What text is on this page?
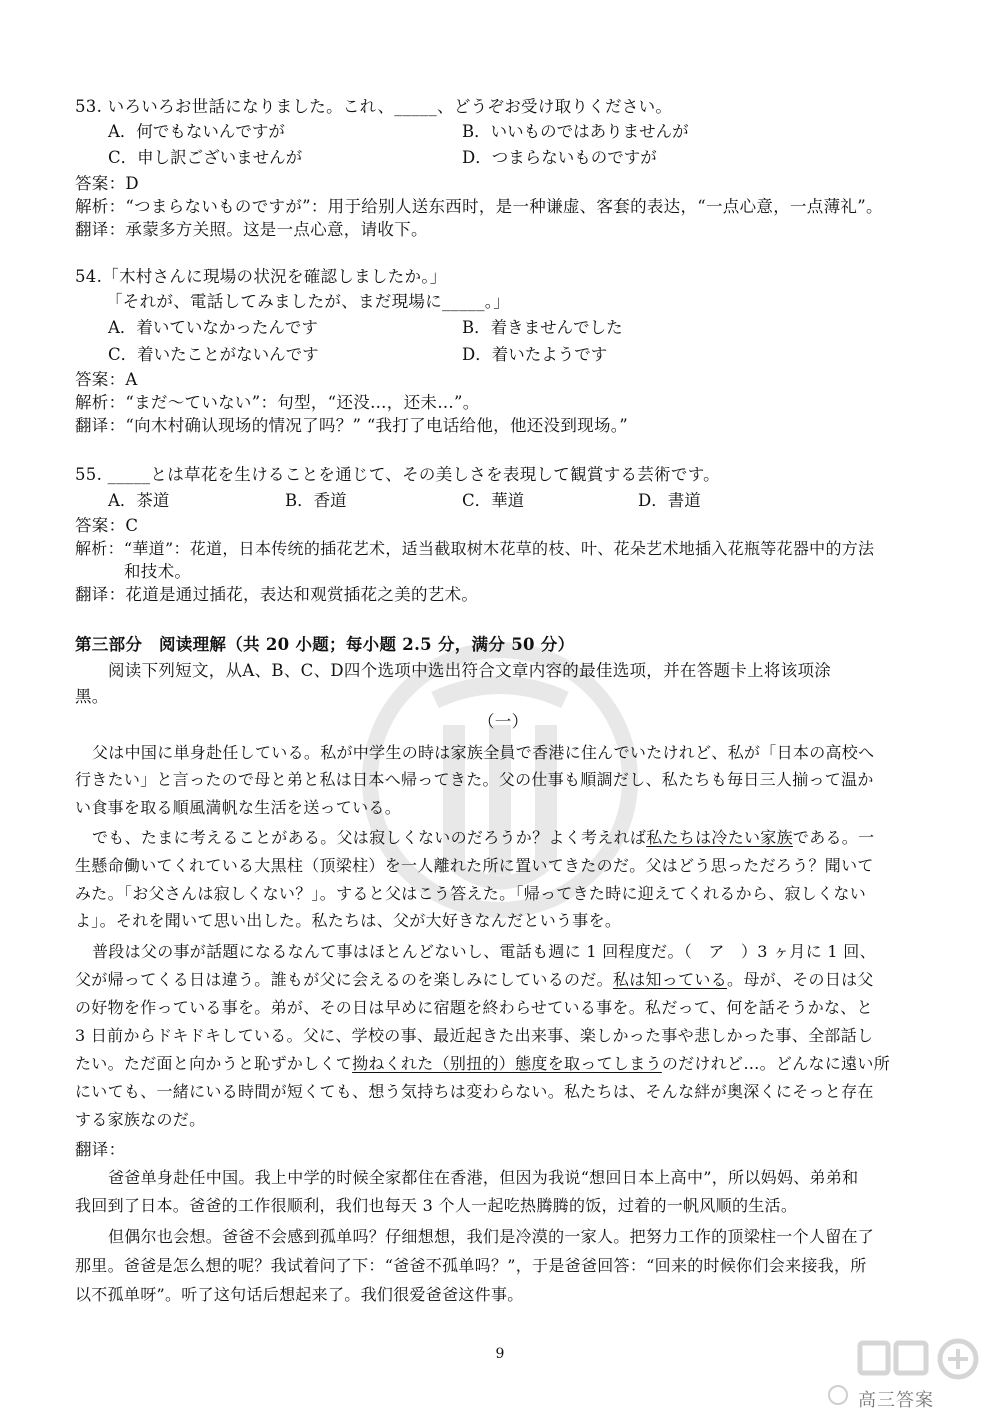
53. いろいろお世話になりました。これ、_____、どうぞお受け取りください。
A．何でもないんですが	B．いいものではありませんが
C．申し訳ございませんが	D．つまらないものですが
答案：D
解析：“つまらないものですが”：用于给别人送东西时，是一种谦虚、客套的表达，“一点心意，一点薄礼”。
翻译：承蒙多方关照。这是一点心意，请收下。
54.「木村さんに現場の状況を確認しましたか。」
「それが、電話してみましたが、まだ現場に_____。」
A．着いていなかったんです	B．着きませんでした
C．着いたことがないんです	D．着いたようです
答案：A
解析：“まだ～ていない”：句型，“还没…，还未…”。
翻译：“向木村确认现场的情况了吗？” “我打了电话给他，他还没到现场。”
55. _____とは草花を生けることを通じて、その美しさを表現して観賞する芸術です。
A．茶道	B．香道	C．華道	D．書道
答案：C
解析：“華道”：花道，日本传统的插花艺术，适当截取树木花草的枝、叶、花朵艺术地插入花瓶等花器中的方法
和技术。
翻译：花道是通过插花，表达和观赏插花之美的艺术。
第三部分　阅读理解（共 20 小题；每小题 2.5 分，满分 50 分）
阅读下列短文，从A、B、C、D四个选项中选出符合文章内容的最佳选项，并在答题卡上将该项涂
黑。
（一）
父は中国に単身赴任している。私が中学生の時は家族全員で香港に住んでいたけれど、私が「日本の高校へ
行きたい」と言ったので母と弟と私は日本へ帰ってきた。父の仕事も順調だし、私たちも毎日三人揃って温か
い食事を取る順風満帆な生活を送っている。
でも、たまに考えることがある。父は寂しくないのだろうか？よく考えれば私たちは冷たい家族である。一
生懸命働いてくれている大黒柱（顶梁柱）を一人離れた所に置いてきたのだ。父はどう思っただろう？聞いて
みた。「お父さんは寂しくない？」。すると父はこう答えた。「帰ってきた時に迎えてくれるから、寂しくない
よ」。それを聞いて思い出した。私たちは、父が大好きなんだという事を。
普段は父の事が話題になるなんて事はほとんどないし、電話も週に 1 回程度だ。（　ア　）3 ヶ月に 1 回、
父が帰ってくる日は違う。誰もが父に会えるのを楽しみにしているのだ。私は知っている。母が、その日は父
の好物を作っている事を。弟が、その日は早めに宿題を終わらせている事を。私だって、何を話そうかな、と
3 日前からドキドキしている。父に、学校の事、最近起きた出来事、楽しかった事や悲しかった事、全部話し
たい。ただ面と向かうと恥ずかしくて拗ねくれた（别扭的）態度を取ってしまうのだけれど…。どんなに遠い所
にいても、一緒にいる時間が短くても、想う気持ちは変わらない。私たちは、そんな絆が奥深くにそっと存在
する家族なのだ。
翻译：
爸爸单身赴任中国。我上中学的时候全家都住在香港，但因为我说“想回日本上高中”，所以妈妈、弟弟和
我回到了日本。爸爸的工作很顺利，我们也每天 3 个人一起吃热腾腾的饭，过着的一帆风顺的生活。
但偶尔也会想。爸爸不会感到孤单吗？仔细想想，我们是冷漠的一家人。把努力工作的顶梁柱一个人留在了
那里。爸爸是怎么想的呢？我试着问了下：“爸爸不孤单吗？”，于是爸爸回答：“回来的时候你们会来接我，所
以不孤单呀”。听了这句话后想起来了。我们很爱爸爸这件事。
9
高三答案
